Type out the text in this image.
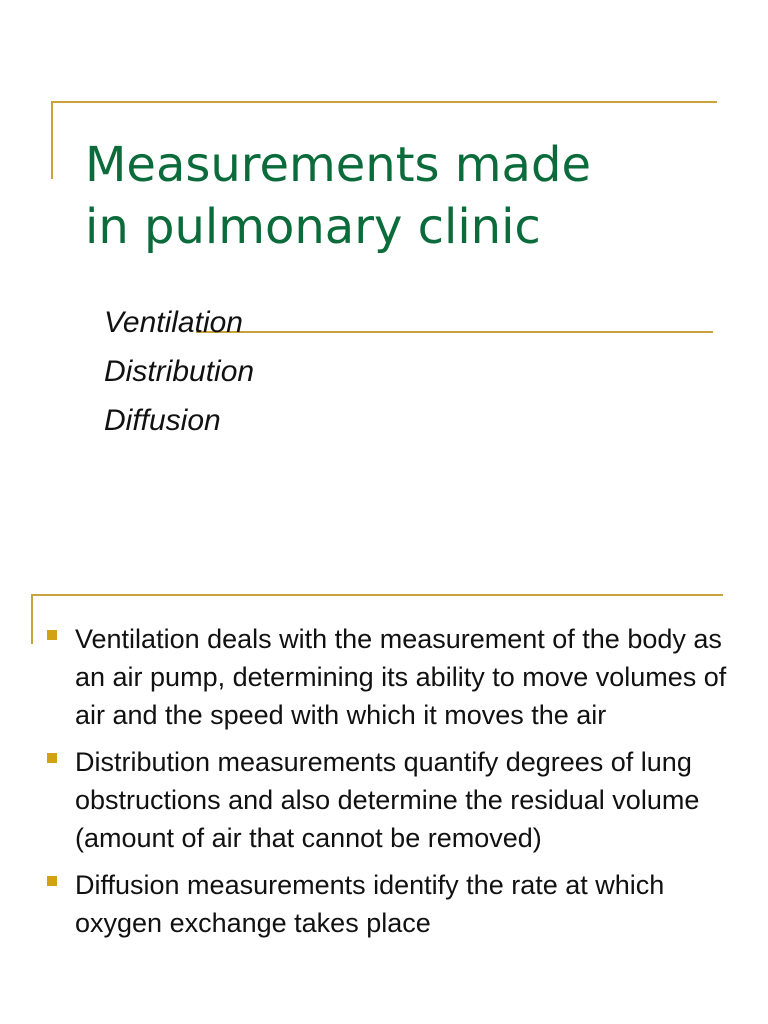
Measurements made
in pulmonary clinic
Ventilation
Distribution
Diffusion
Ventilation deals with the measurement of the body as an air pump, determining its ability to move volumes of air and the speed with which it moves the air
Distribution measurements quantify degrees of lung obstructions and also determine the residual volume (amount of air that cannot be removed)
Diffusion measurements identify the rate at which oxygen exchange takes place
